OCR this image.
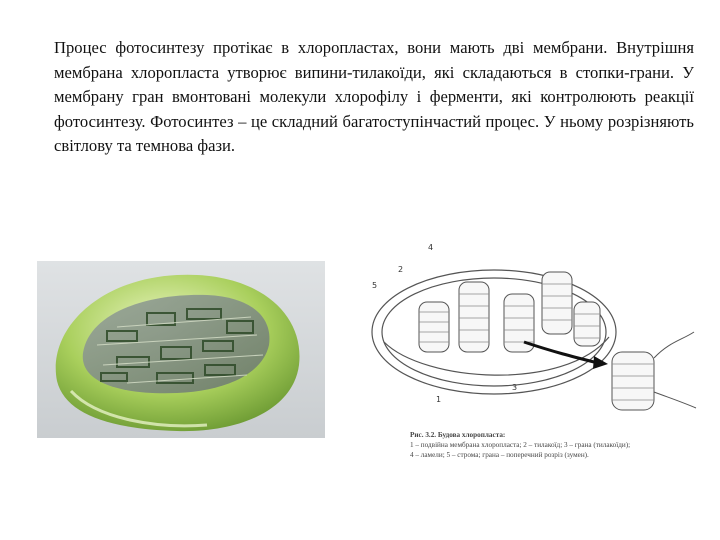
Процес фотосинтезу протікає в хлоропластах, вони мають дві мембрани. Внутрішня мембрана хлоропласта утворює випини-тилакоїди, які складаються в стопки-грани. У мембрану гран вмонтовані молекули хлорофілу і ферменти, які контролюють реакції фотосинтезу. Фотосинтез – це складний багатоступінчастий процес. У ньому розрізняють світлову та темнова фази.

1
2
3
4
5
Рис. 3.2. Будова хлоропласта:
1 – подвійна мембрана хлоропласта; 2 – тилакоїд; 3 – грана (тилакоїди);
4 – ламели; 5 – строма; грана – поперечний розріз (зумен).
